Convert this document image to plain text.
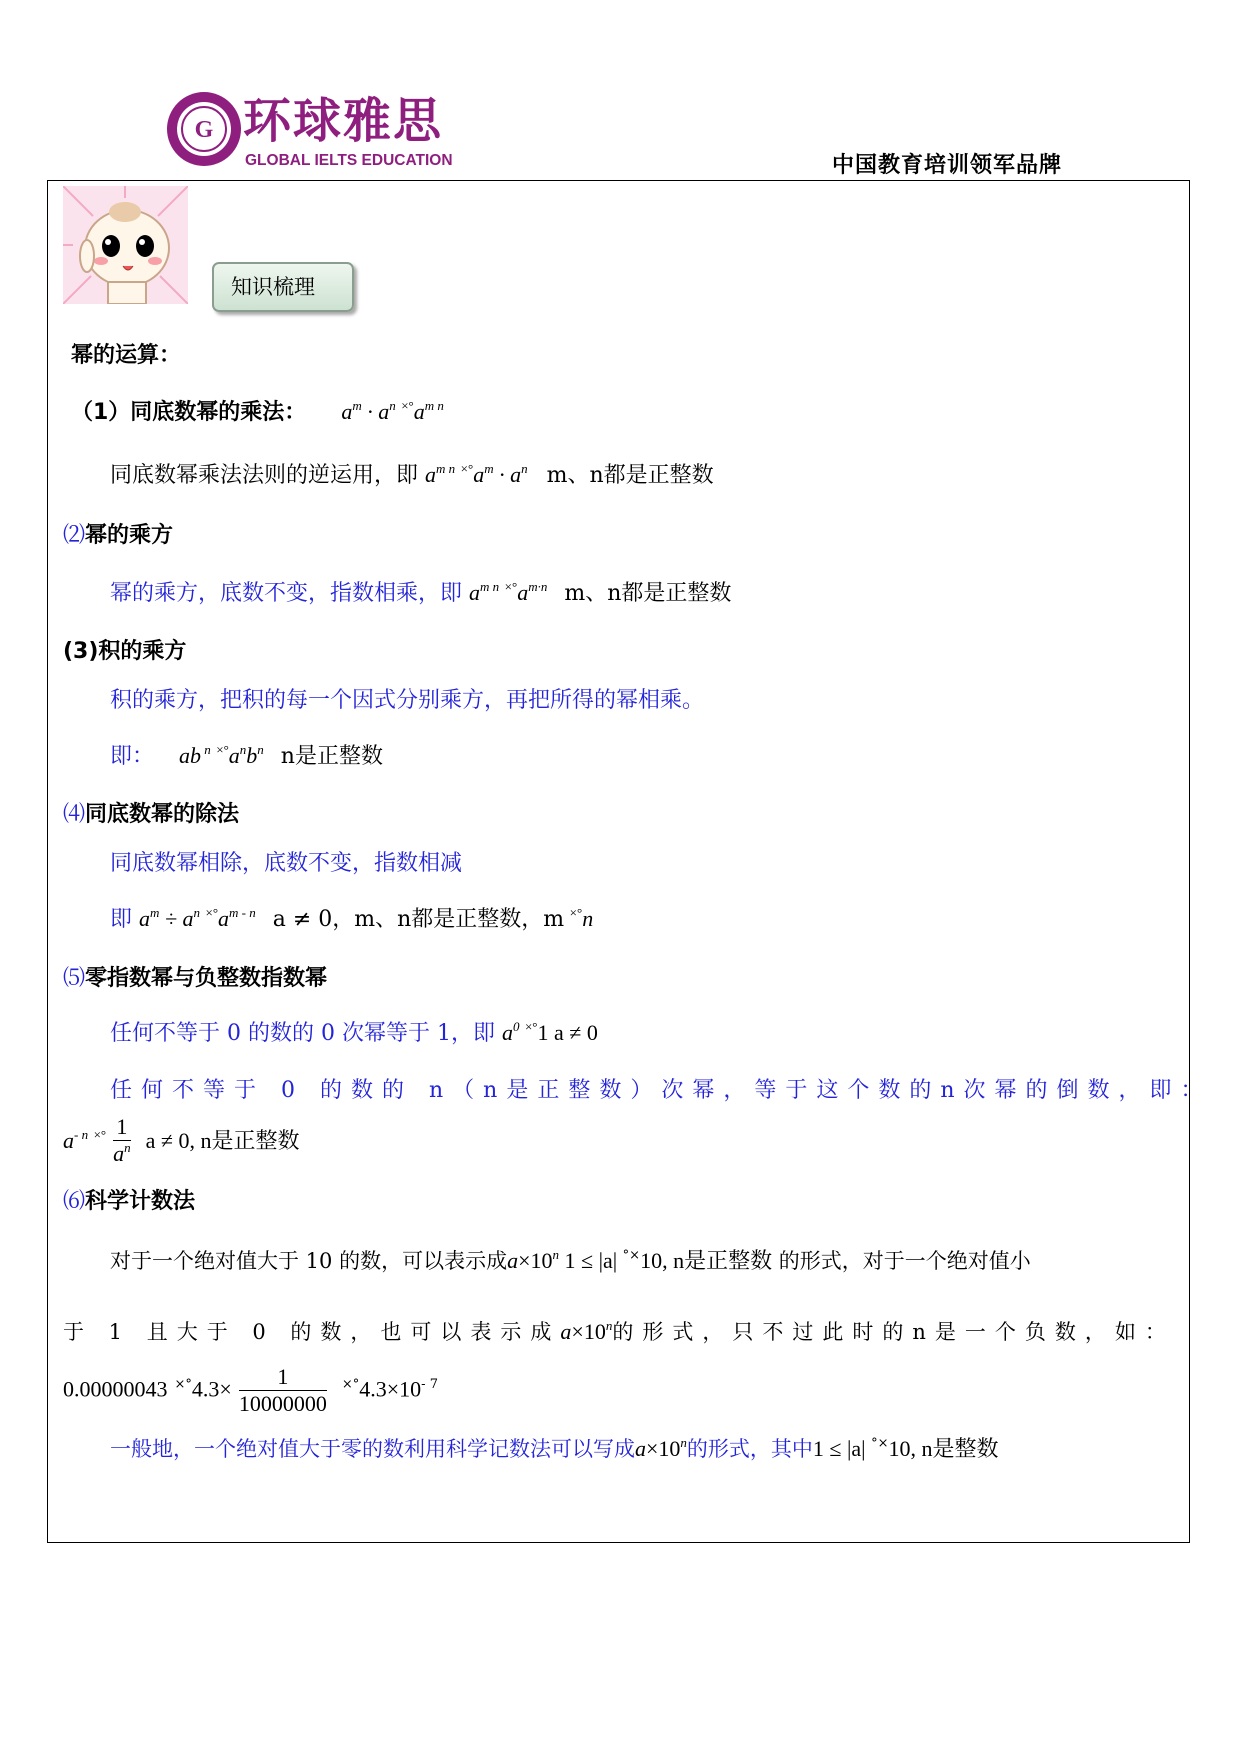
G 环球雅思
GLOBAL IELTS EDUCATION	中国教育培训领军品牌
知识梳理
幂的运算：
（1）同底数幂的乘法： $a^m \cdot a^n$ $^{\times^\circ}a^{m n}$
同底数幂乘法法则的逆运用，即 $a^{m n}$ $^{\times^\circ}a^m \cdot a^n$ m、n都是正整数
⑵幂的乘方
幂的乘方，底数不变，指数相乘，即 $a^{m n}$ $^{\times^\circ}a^{m\cdot n}$ m、n都是正整数
(3)积的乘方
积的乘方，把积的每一个因式分别乘方，再把所得的幂相乘。
即： ab $^n$ $^{\times^\circ}a^nb^n$ n是正整数
⑷同底数幂的除法
同底数幂相除，底数不变，指数相减
即 $a^m \div a^n$ $^{\times^\circ}a^{m - n}$ a ≠ 0，m、n都是正整数，m ×°n
⑸零指数幂与负整数指数幂
任何不等于 0 的数的 0 次幂等于 1，即 $a^0$ ×°1 a ≠ 0
任何不等于 0 的数的 n（n是正整数）次幂，等于这个数的n次幂的倒数，即：
$a^{- n}$ $^{\times^\circ} \frac{1}{a^n}$ a ≠ 0, n是正整数
⑹科学计数法
对于一个绝对值大于 10 的数，可以表示成$a\times 10^n$ 1 ≤ |a| °×10, n是正整数 的形式，对于一个绝对值小
于 1 且大于 0 的数，也可以表示成$a\times 10^n$的形式，只不过此时的n是一个负数，如：
0.00000043 $^{\times^\circ}4.3\times \frac{1}{10000000} ^{\times^\circ}4.3\times 10^-$ $^7$
一般地，一个绝对值大于零的数利用科学记数法可以写成$a\times 10^n$的形式，其中1 ≤ |a| °×10, n是整数
